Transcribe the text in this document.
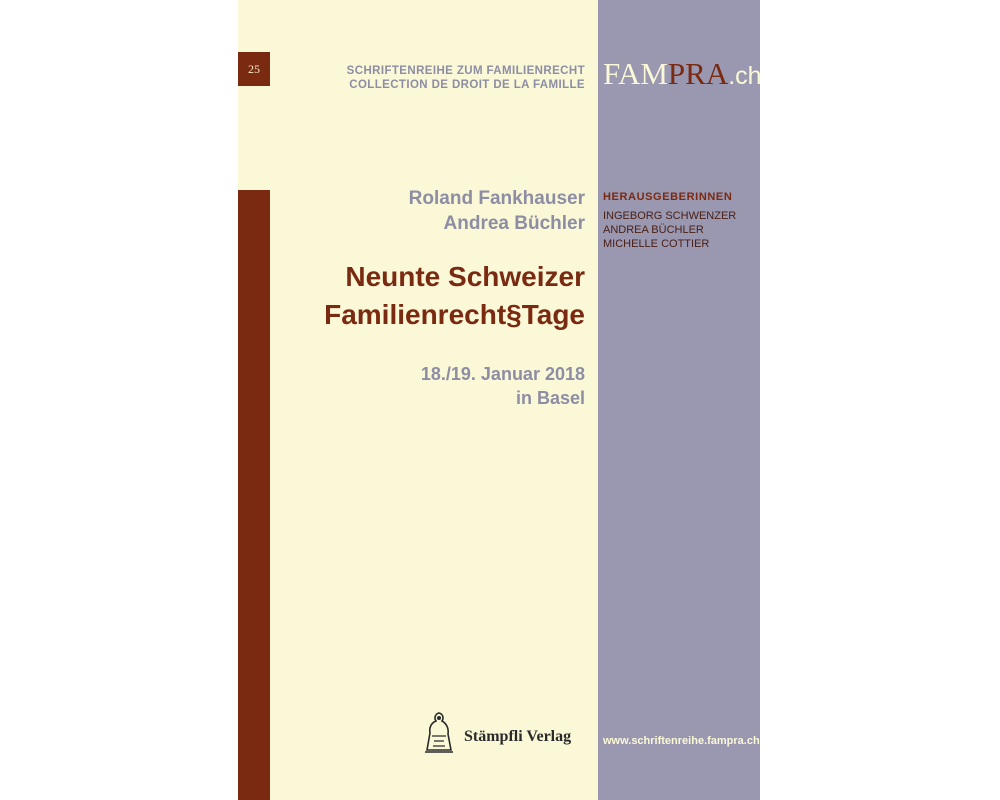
25	SCHRIFTENREIHE ZUM FAMILIENRECHT
COLLECTION DE DROIT DE LA FAMILLE FAMPRA.ch
Roland Fankhauser
Andrea Büchler
Neunte Schweizer
Familienrecht§Tage
18./19. Januar 2018
in Basel
HERAUSGEBERINNEN
INGEBORG SCHWENZER
ANDREA BÜCHLER
MICHELLE COTTIER
Stämpfli Verlag	www.schriftenreihe.fampra.ch
